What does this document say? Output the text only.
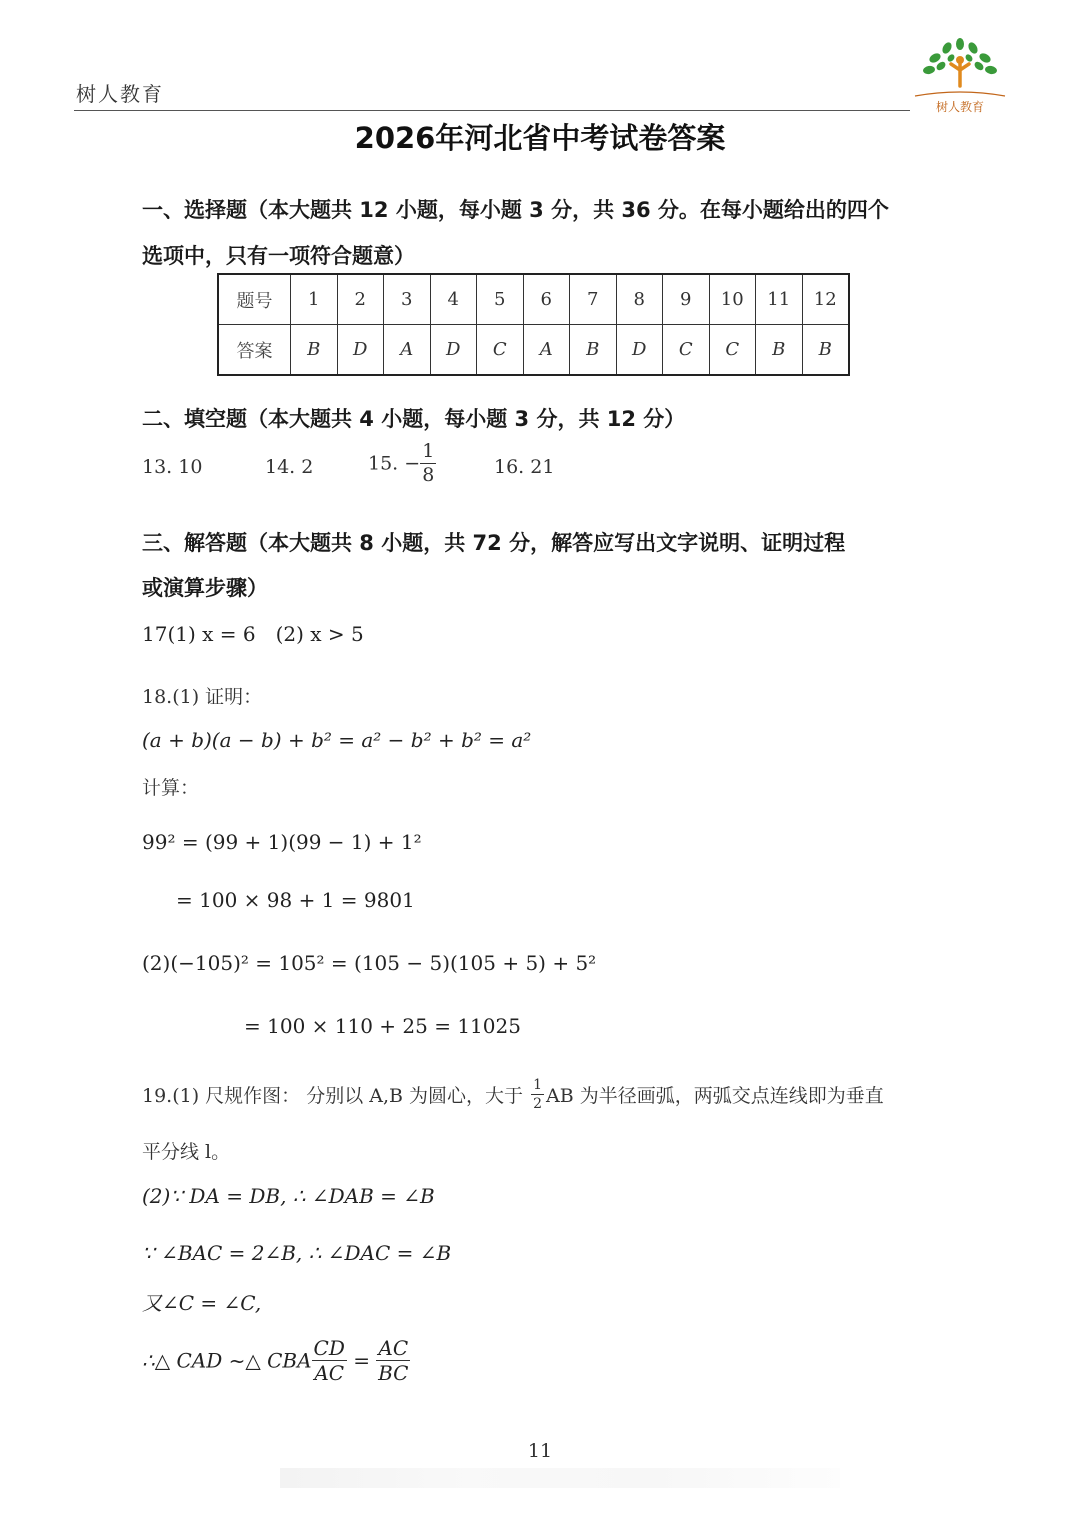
树人教育
树人教育
2026年河北省中考试卷答案
一、选择题（本大题共 12 小题，每小题 3 分，共 36 分。在每小题给出的四个
选项中，只有一项符合题意）
题号	1	2	3	4	5	6	7	8	9	10	11	12
答案	B	D	A	D	C	A	B	D	C	C	B	B
二、填空题（本大题共 4 小题，每小题 3 分，共 12 分）
13. 10	14. 2	15. − $\frac{1}{8}$	16. 21
三、解答题（本大题共 8 小题，共 72 分，解答应写出文字说明、证明过程
或演算步骤）
17(1) x = 6　(2) x > 5
18.(1) 证明：
(a + b)(a − b) + b² = a² − b² + b² = a²
计算：
99² = (99 + 1)(99 − 1) + 1²
= 100 × 98 + 1 = 9801
(2)(−105)² = 105² = (105 − 5)(105 + 5) + 5²
= 100 × 110 + 25 = 11025
19.(1) 尺规作图： 分别以 A,B 为圆心，大于 $\frac{1}{2}$ AB 为半径画弧，两弧交点连线即为垂直
平分线 l。
(2)∵ DA = DB, ∴ ∠DAB = ∠B
∵ ∠BAC = 2∠B, ∴ ∠DAC = ∠B
又∠C = ∠C,
∴△ CAD ~△ CBA $\frac{CD}{AC} = \frac{AC}{BC}$
11
